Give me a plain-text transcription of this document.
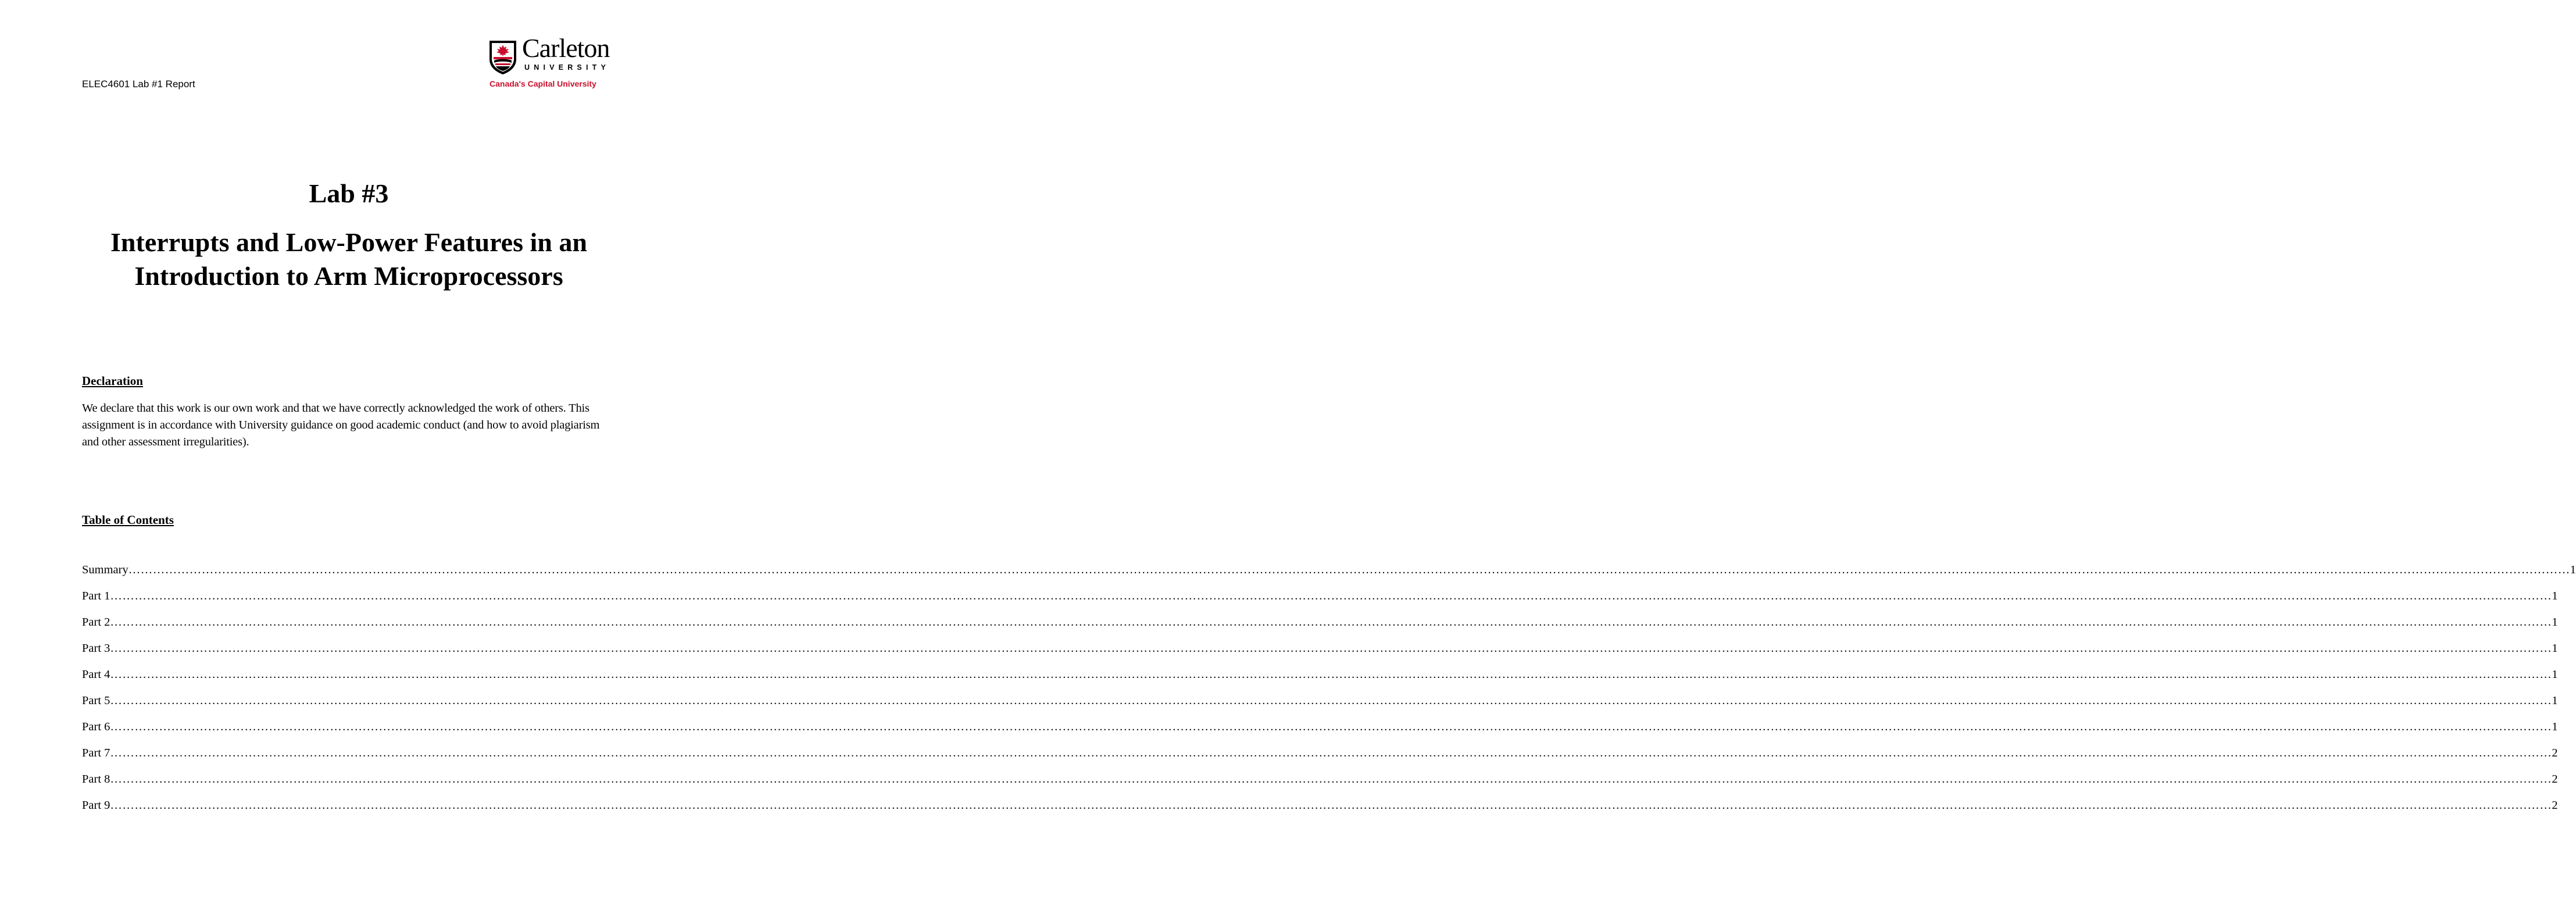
ELEC4601 Lab #1 Report
Carleton
UNIVERSITY
Canada's Capital University
Lab #3
Interrupts and Low-Power Features in an
Introduction to Arm Microprocessors
Declaration
We declare that this work is our own work and that we have correctly acknowledged the work of others. This assignment is in accordance with University guidance on good academic conduct (and how to avoid plagiarism and other assessment irregularities).
Table of Contents
Summary …………………………………………………………………………………………………………………………………………………………………………………………………………………………………………………………………………………………………………………………………………………………………………………………………………………………………………………………………………………………………………………………………………………… 1
Part 1 …………………………………………………………………………………………………………………………………………………………………………………………………………………………………………………………………………………………………………………………………………………………………………………………………………………………………………………………………………………………………………………………………………………… 1
Part 2 …………………………………………………………………………………………………………………………………………………………………………………………………………………………………………………………………………………………………………………………………………………………………………………………………………………………………………………………………………………………………………………………………………………… 1
Part 3 …………………………………………………………………………………………………………………………………………………………………………………………………………………………………………………………………………………………………………………………………………………………………………………………………………………………………………………………………………………………………………………………………………………… 1
Part 4 …………………………………………………………………………………………………………………………………………………………………………………………………………………………………………………………………………………………………………………………………………………………………………………………………………………………………………………………………………………………………………………………………………………… 1
Part 5 …………………………………………………………………………………………………………………………………………………………………………………………………………………………………………………………………………………………………………………………………………………………………………………………………………………………………………………………………………………………………………………………………………………… 1
Part 6 …………………………………………………………………………………………………………………………………………………………………………………………………………………………………………………………………………………………………………………………………………………………………………………………………………………………………………………………………………………………………………………………………………………… 1
Part 7 …………………………………………………………………………………………………………………………………………………………………………………………………………………………………………………………………………………………………………………………………………………………………………………………………………………………………………………………………………………………………………………………………………………… 2
Part 8 …………………………………………………………………………………………………………………………………………………………………………………………………………………………………………………………………………………………………………………………………………………………………………………………………………………………………………………………………………………………………………………………………………………… 2
Part 9 …………………………………………………………………………………………………………………………………………………………………………………………………………………………………………………………………………………………………………………………………………………………………………………………………………………………………………………………………………………………………………………………………………………… 2
